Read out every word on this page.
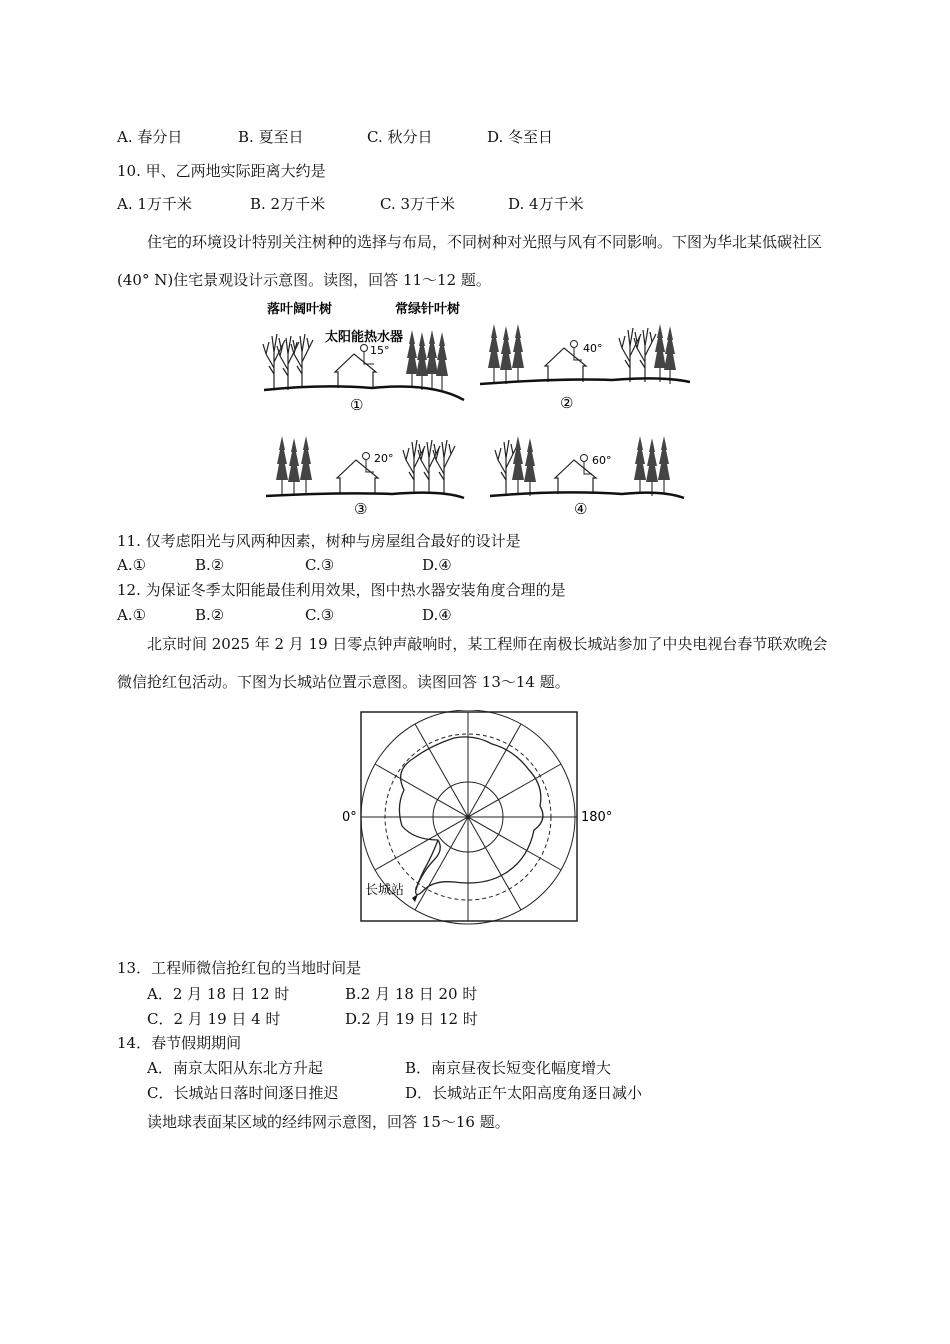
A. 春分日	B. 夏至日	C. 秋分日	D. 冬至日
10. 甲、乙两地实际距离大约是
A. 1万千米	B. 2万千米	C. 3万千米	D. 4万千米
住宅的环境设计特别关注树种的选择与布局，不同树种对光照与风有不同影响。下图为华北某低碳社区(40° N)住宅景观设计示意图。读图，回答 11～12 题。
落叶阔叶树	常绿针叶树
太阳能热水器
15°
①
40°
②
20°
③
60°
④
11. 仅考虑阳光与风两种因素，树种与房屋组合最好的设计是
A.①	B.②	C.③	D.④
12. 为保证冬季太阳能最佳利用效果，图中热水器安装角度合理的是
A.①	B.②	C.③	D.④
北京时间 2025 年 2 月 19 日零点钟声敲响时，某工程师在南极长城站参加了中央电视台春节联欢晚会微信抢红包活动。下图为长城站位置示意图。读图回答 13～14 题。
0°	180°
长城站
13．工程师微信抢红包的当地时间是
A．2 月 18 日 12 时	B.2 月 18 日 20 时
C．2 月 19 日 4 时	D.2 月 19 日 12 时
14．春节假期期间
A．南京太阳从东北方升起	B．南京昼夜长短变化幅度增大
C．长城站日落时间逐日推迟	D．长城站正午太阳高度角逐日减小
读地球表面某区域的经纬网示意图，回答 15～16 题。
